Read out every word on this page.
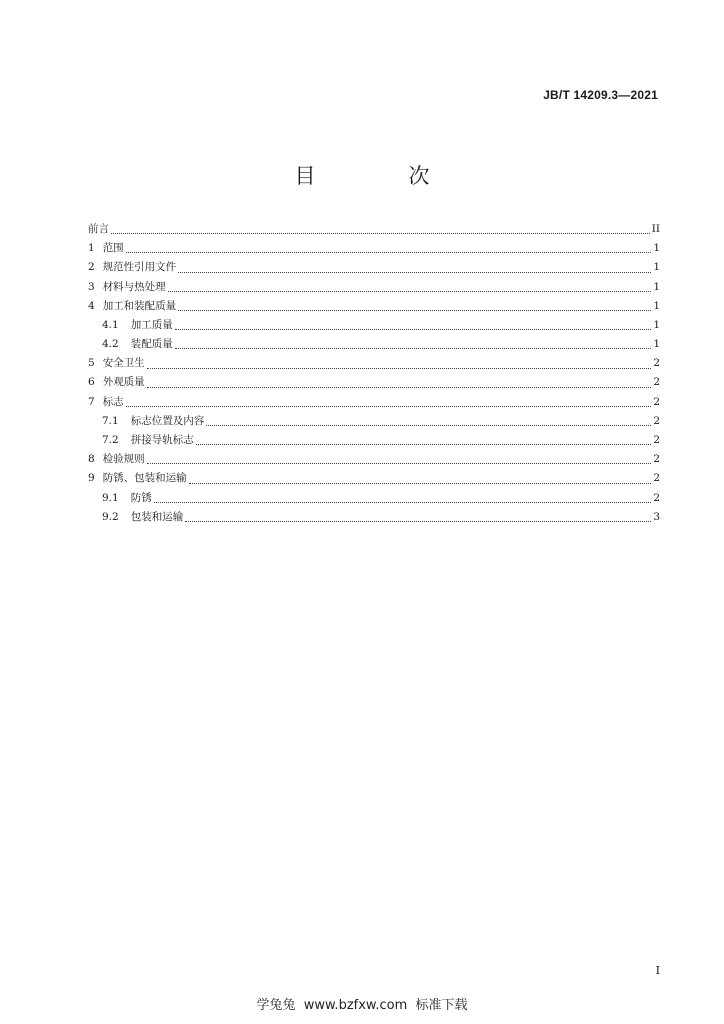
JB/T 14209.3—2021
目　次
前言	II
1 范围	1
2 规范性引用文件	1
3 材料与热处理	1
4 加工和装配质量	1
4.1 加工质量	1
4.2 装配质量	1
5 安全卫生	2
6 外观质量	2
7 标志	2
7.1 标志位置及内容	2
7.2 拼接导轨标志	2
8 检验规则	2
9 防锈、包装和运输	2
9.1 防锈	2
9.2 包装和运输	3
I
学兔兔  www.bzfxw.com  标准下载
